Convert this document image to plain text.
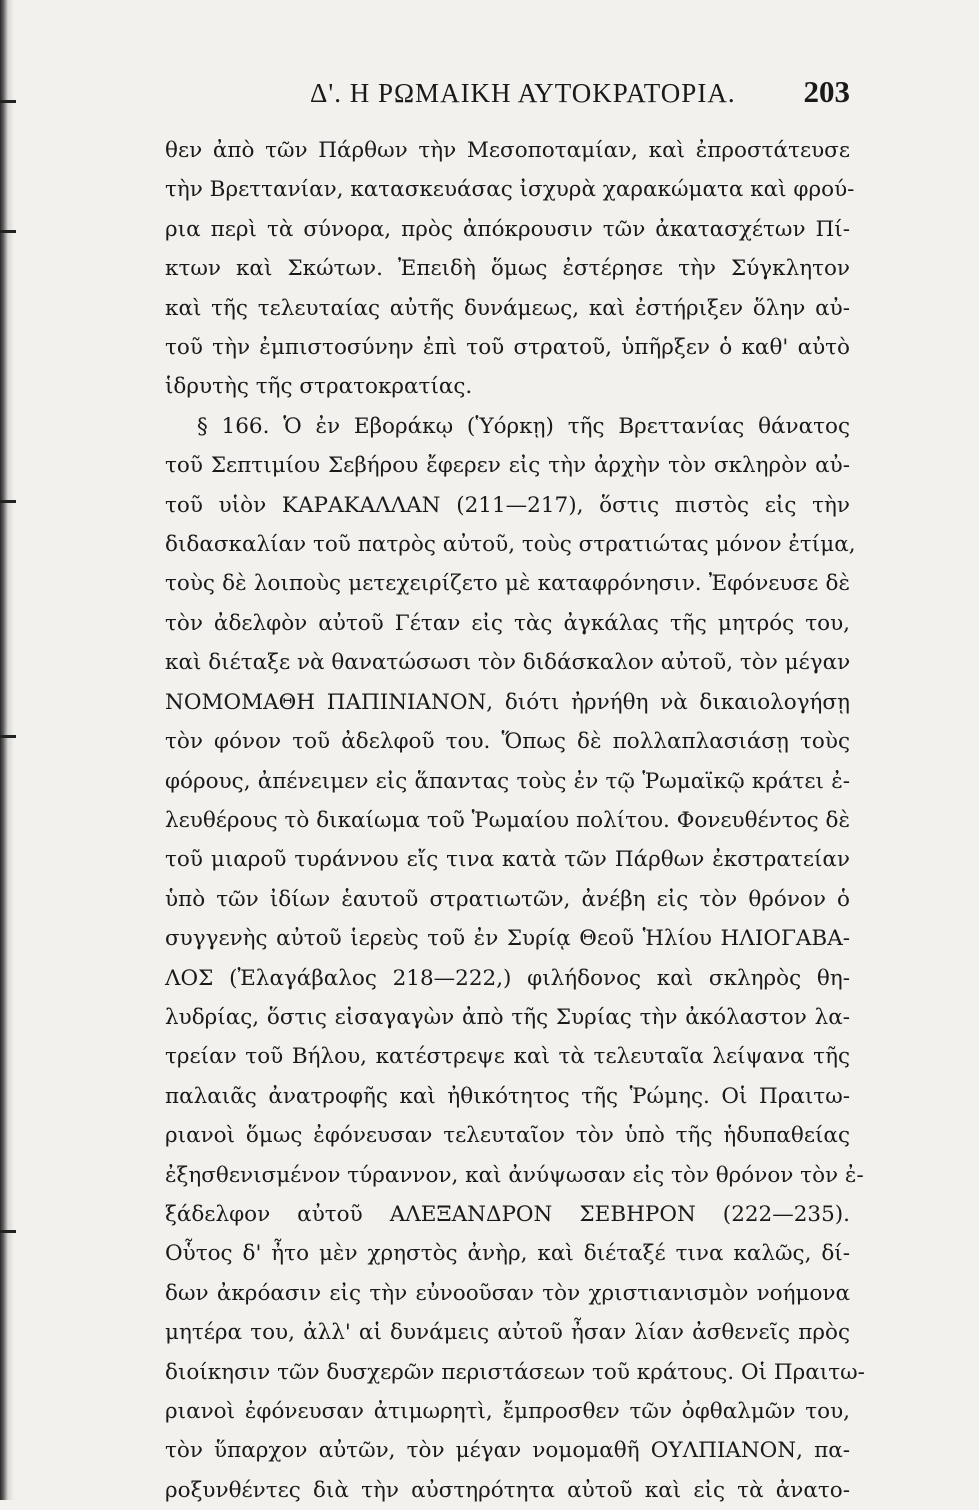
Δ'. Η ΡΩΜΑΙΚΗ ΑΥΤΟΚΡΑΤΟΡΙΑ. 203
θεν ἀπὸ τῶν Πάρθων τὴν Μεσοποταμίαν, καὶ ἐπροστάτευσε
τὴν Βρεττανίαν, κατασκευάσας ἰσχυρὰ χαρακώματα καὶ φρού-
ρια περὶ τὰ σύνορα, πρὸς ἀπόκρουσιν τῶν ἀκατασχέτων Πί-
κτων καὶ Σκώτων. Ἐπειδὴ ὅμως ἐστέρησε τὴν Σύγκλητον
καὶ τῆς τελευταίας αὐτῆς δυνάμεως, καὶ ἐστήριξεν ὅλην αὐ-
τοῦ τὴν ἐμπιστοσύνην ἐπὶ τοῦ στρατοῦ, ὑπῆρξεν ὁ καθ' αὐτὸ
ἱδρυτὴς τῆς στρατοκρατίας.
§ 166. Ὁ ἐν Εβοράκῳ (Ὑόρκῃ) τῆς Βρεττανίας θάνατος
τοῦ Σεπτιμίου Σεβήρου ἔφερεν εἰς τὴν ἀρχὴν τὸν σκληρὸν αὐ-
τοῦ υἱὸν ΚΑΡΑΚΑΛΛΑΝ (211—217), ὅστις πιστὸς εἰς τὴν
διδασκαλίαν τοῦ πατρὸς αὐτοῦ, τοὺς στρατιώτας μόνον ἐτίμα,
τοὺς δὲ λοιποὺς μετεχειρίζετο μὲ καταφρόνησιν. Ἐφόνευσε δὲ
τὸν ἀδελφὸν αὐτοῦ Γέταν εἰς τὰς ἀγκάλας τῆς μητρός του,
καὶ διέταξε νὰ θανατώσωσι τὸν διδάσκαλον αὐτοῦ, τὸν μέγαν
ΝΟΜΟΜΑΘΗ ΠΑΠΙΝΙΑΝΟΝ, διότι ἠρνήθη νὰ δικαιολογήσῃ
τὸν φόνον τοῦ ἀδελφοῦ του. Ὅπως δὲ πολλαπλασιάσῃ τοὺς
φόρους, ἀπένειμεν εἰς ἅπαντας τοὺς ἐν τῷ Ῥωμαϊκῷ κράτει ἐ-
λευθέρους τὸ δικαίωμα τοῦ Ῥωμαίου πολίτου. Φονευθέντος δὲ
τοῦ μιαροῦ τυράννου εἴς τινα κατὰ τῶν Πάρθων ἐκστρατείαν
ὑπὸ τῶν ἰδίων ἑαυτοῦ στρατιωτῶν, ἀνέβη εἰς τὸν θρόνον ὁ
συγγενὴς αὐτοῦ ἱερεὺς τοῦ ἐν Συρίᾳ Θεοῦ Ἡλίου ΗΛΙΟΓΑΒΑ-
ΛΟΣ (Ἐλαγάβαλος 218—222,) φιλήδονος καὶ σκληρὸς θη-
λυδρίας, ὅστις εἰσαγαγὼν ἀπὸ τῆς Συρίας τὴν ἀκόλαστον λα-
τρείαν τοῦ Βήλου, κατέστρεψε καὶ τὰ τελευταῖα λείψανα τῆς
παλαιᾶς ἀνατροφῆς καὶ ἠθικότητος τῆς Ῥώμης. Οἱ Πραιτω-
ριανοὶ ὅμως ἐφόνευσαν τελευταῖον τὸν ὑπὸ τῆς ἡδυπαθείας
ἐξησθενισμένον τύραννον, καὶ ἀνύψωσαν εἰς τὸν θρόνον τὸν ἐ-
ξάδελφον αὐτοῦ ΑΛΕΞΑΝΔΡΟΝ ΣΕΒΗΡΟΝ (222—235).
Οὗτος δ' ἦτο μὲν χρηστὸς ἀνὴρ, καὶ διέταξέ τινα καλῶς, δί-
δων ἀκρόασιν εἰς τὴν εὐνοοῦσαν τὸν χριστιανισμὸν νοήμονα
μητέρα του, ἀλλ' αἱ δυνάμεις αὐτοῦ ἦσαν λίαν ἀσθενεῖς πρὸς
διοίκησιν τῶν δυσχερῶν περιστάσεων τοῦ κράτους. Οἱ Πραιτω-
ριανοὶ ἐφόνευσαν ἀτιμωρητὶ, ἔμπροσθεν τῶν ὀφθαλμῶν του,
τὸν ὕπαρχον αὐτῶν, τὸν μέγαν νομομαθῆ ΟΥΛΠΙΑΝΟΝ, πα-
ροξυνθέντες διὰ τὴν αὐστηρότητα αὐτοῦ καὶ εἰς τὰ ἀνατο-
